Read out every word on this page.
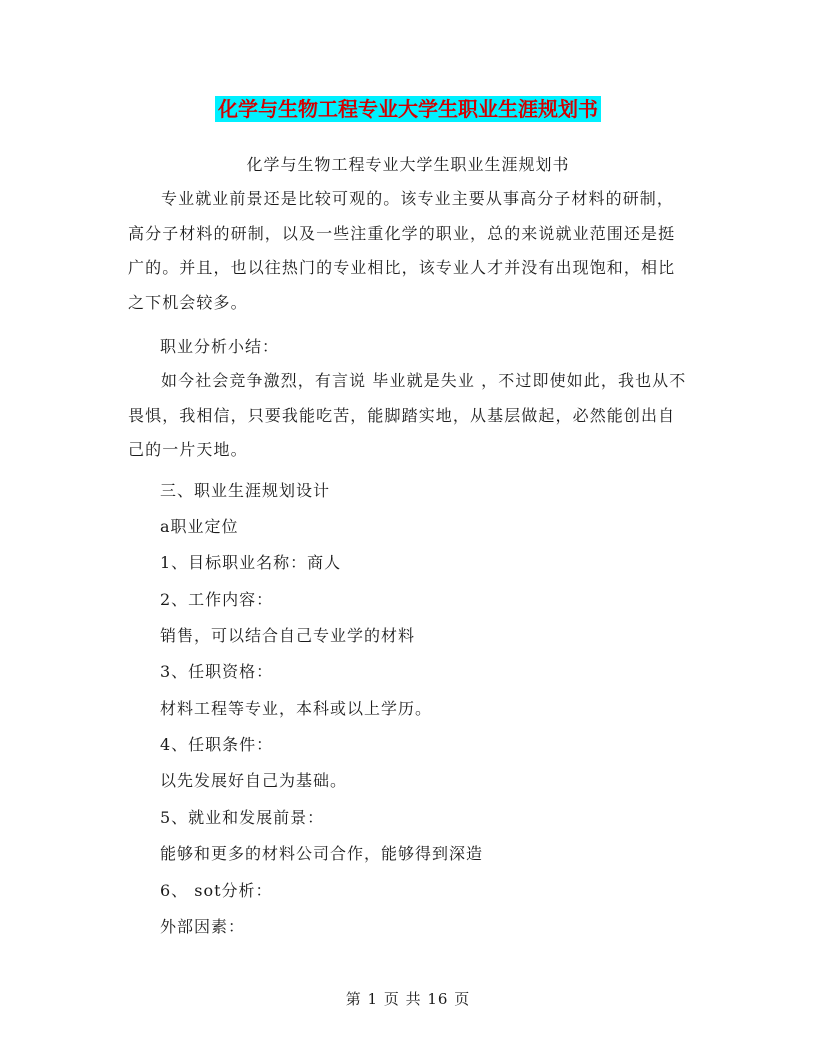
化学与生物工程专业大学生职业生涯规划书
化学与生物工程专业大学生职业生涯规划书

专业就业前景还是比较可观的。该专业主要从事高分子材料的研制，高分子材料的研制，以及一些注重化学的职业，总的来说就业范围还是挺广的。并且，也以往热门的专业相比，该专业人才并没有出现饱和，相比之下机会较多。

职业分析小结：

如今社会竞争激烈，有言说 毕业就是失业 ，不过即使如此，我也从不畏惧，我相信，只要我能吃苦，能脚踏实地，从基层做起，必然能创出自己的一片天地。

三、职业生涯规划设计

a职业定位

1、目标职业名称：商人

2、工作内容：

销售，可以结合自己专业学的材料

3、任职资格：

材料工程等专业，本科或以上学历。

4、任职条件：

以先发展好自己为基础。

5、就业和发展前景：

能够和更多的材料公司合作，能够得到深造

6、 sot分析：

外部因素：

第 1 页 共 16 页
